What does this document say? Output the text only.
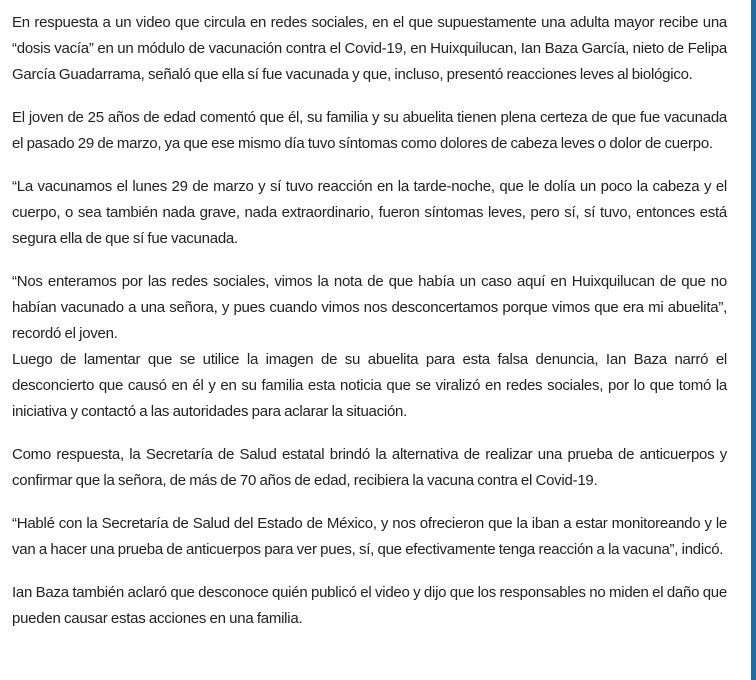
En respuesta a un video que circula en redes sociales, en el que supuestamente una adulta mayor recibe una “dosis vacía” en un módulo de vacunación contra el Covid-19, en Huixquilucan, Ian Baza García, nieto de Felipa García Guadarrama, señaló que ella sí fue vacunada y que, incluso, presentó reacciones leves al biológico.

El joven de 25 años de edad comentó que él, su familia y su abuelita tienen plena certeza de que fue vacunada el pasado 29 de marzo, ya que ese mismo día tuvo síntomas como dolores de cabeza leves o dolor de cuerpo.

“La vacunamos el lunes 29 de marzo y sí tuvo reacción en la tarde-noche, que le dolía un poco la cabeza y el cuerpo, o sea también nada grave, nada extraordinario, fueron síntomas leves, pero sí, sí tuvo, entonces está segura ella de que sí fue vacunada.

“Nos enteramos por las redes sociales, vimos la nota de que había un caso aquí en Huixquilucan de que no habían vacunado a una señora, y pues cuando vimos nos desconcertamos porque vimos que era mi abuelita”, recordó el joven.

Luego de lamentar que se utilice la imagen de su abuelita para esta falsa denuncia, Ian Baza narró el desconcierto que causó en él y en su familia esta noticia que se viralizó en redes sociales, por lo que tomó la iniciativa y contactó a las autoridades para aclarar la situación.

Como respuesta, la Secretaría de Salud estatal brindó la alternativa de realizar una prueba de anticuerpos y confirmar que la señora, de más de 70 años de edad, recibiera la vacuna contra el Covid-19.

“Hablé con la Secretaría de Salud del Estado de México, y nos ofrecieron que la iban a estar monitoreando y le van a hacer una prueba de anticuerpos para ver pues, sí, que efectivamente tenga reacción a la vacuna”, indicó.

Ian Baza también aclaró que desconoce quién publicó el video y dijo que los responsables no miden el daño que pueden causar estas acciones en una familia.
